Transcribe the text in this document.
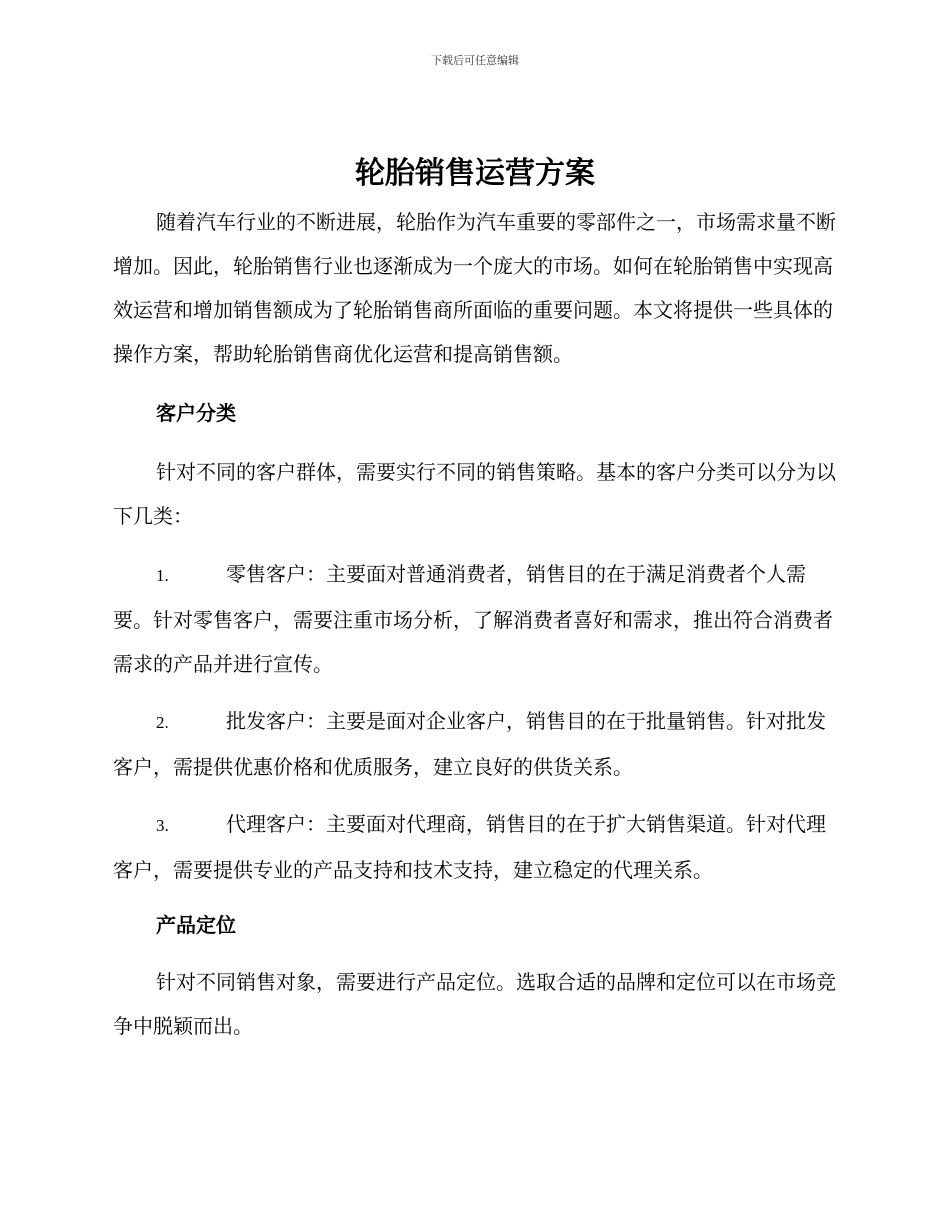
下载后可任意编辑
轮胎销售运营方案

随着汽车行业的不断进展，轮胎作为汽车重要的零部件之一，市场需求量不断增加。因此，轮胎销售行业也逐渐成为一个庞大的市场。如何在轮胎销售中实现高效运营和增加销售额成为了轮胎销售商所面临的重要问题。本文将提供一些具体的操作方案，帮助轮胎销售商优化运营和提高销售额。

客户分类

针对不同的客户群体，需要实行不同的销售策略。基本的客户分类可以分为以下几类：

1.	零售客户：主要面对普通消费者，销售目的在于满足消费者个人需要。针对零售客户，需要注重市场分析，了解消费者喜好和需求，推出符合消费者需求的产品并进行宣传。

2.	批发客户：主要是面对企业客户，销售目的在于批量销售。针对批发客户，需提供优惠价格和优质服务，建立良好的供货关系。

3.	代理客户：主要面对代理商，销售目的在于扩大销售渠道。针对代理客户，需要提供专业的产品支持和技术支持，建立稳定的代理关系。

产品定位

针对不同销售对象，需要进行产品定位。选取合适的品牌和定位可以在市场竞争中脱颖而出。
